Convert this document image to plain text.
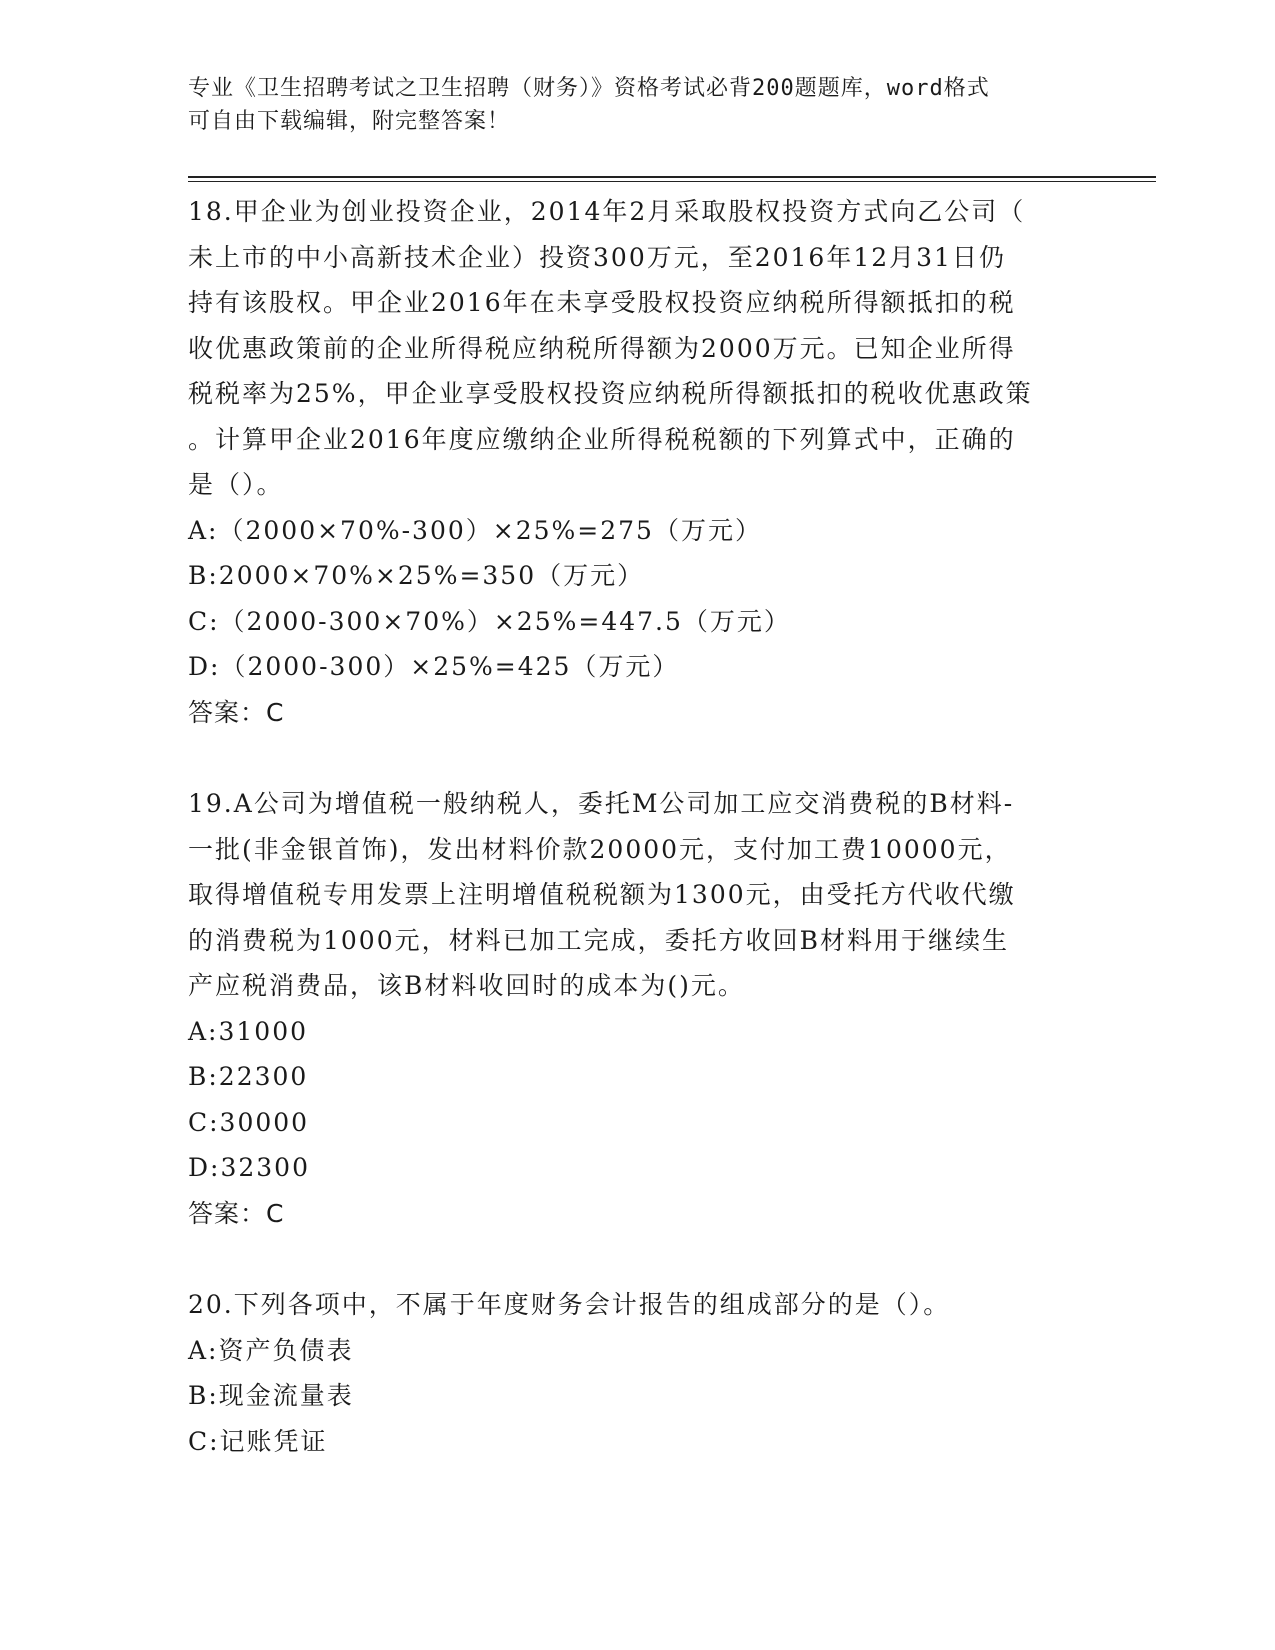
专业《卫生招聘考试之卫生招聘（财务）》资格考试必背200题题库，word格式
可自由下载编辑，附完整答案！
18.甲企业为创业投资企业，2014年2月采取股权投资方式向乙公司（
未上市的中小高新技术企业）投资300万元，至2016年12月31日仍
持有该股权。甲企业2016年在未享受股权投资应纳税所得额抵扣的税
收优惠政策前的企业所得税应纳税所得额为2000万元。已知企业所得
税税率为25%，甲企业享受股权投资应纳税所得额抵扣的税收优惠政策
。计算甲企业2016年度应缴纳企业所得税税额的下列算式中，正确的
是（）。
A:（2000×70%-300）×25%=275（万元）
B:2000×70%×25%=350（万元）
C:（2000-300×70%）×25%=447.5（万元）
D:（2000-300）×25%=425（万元）
答案：C
19.A公司为增值税一般纳税人，委托M公司加工应交消费税的B材料-
一批(非金银首饰)，发出材料价款20000元，支付加工费10000元，
取得增值税专用发票上注明增值税税额为1300元，由受托方代收代缴
的消费税为1000元，材料已加工完成，委托方收回B材料用于继续生
产应税消费品，该B材料收回时的成本为()元。
A:31000
B:22300
C:30000
D:32300
答案：C
20.下列各项中，不属于年度财务会计报告的组成部分的是（）。
A:资产负债表
B:现金流量表
C:记账凭证
